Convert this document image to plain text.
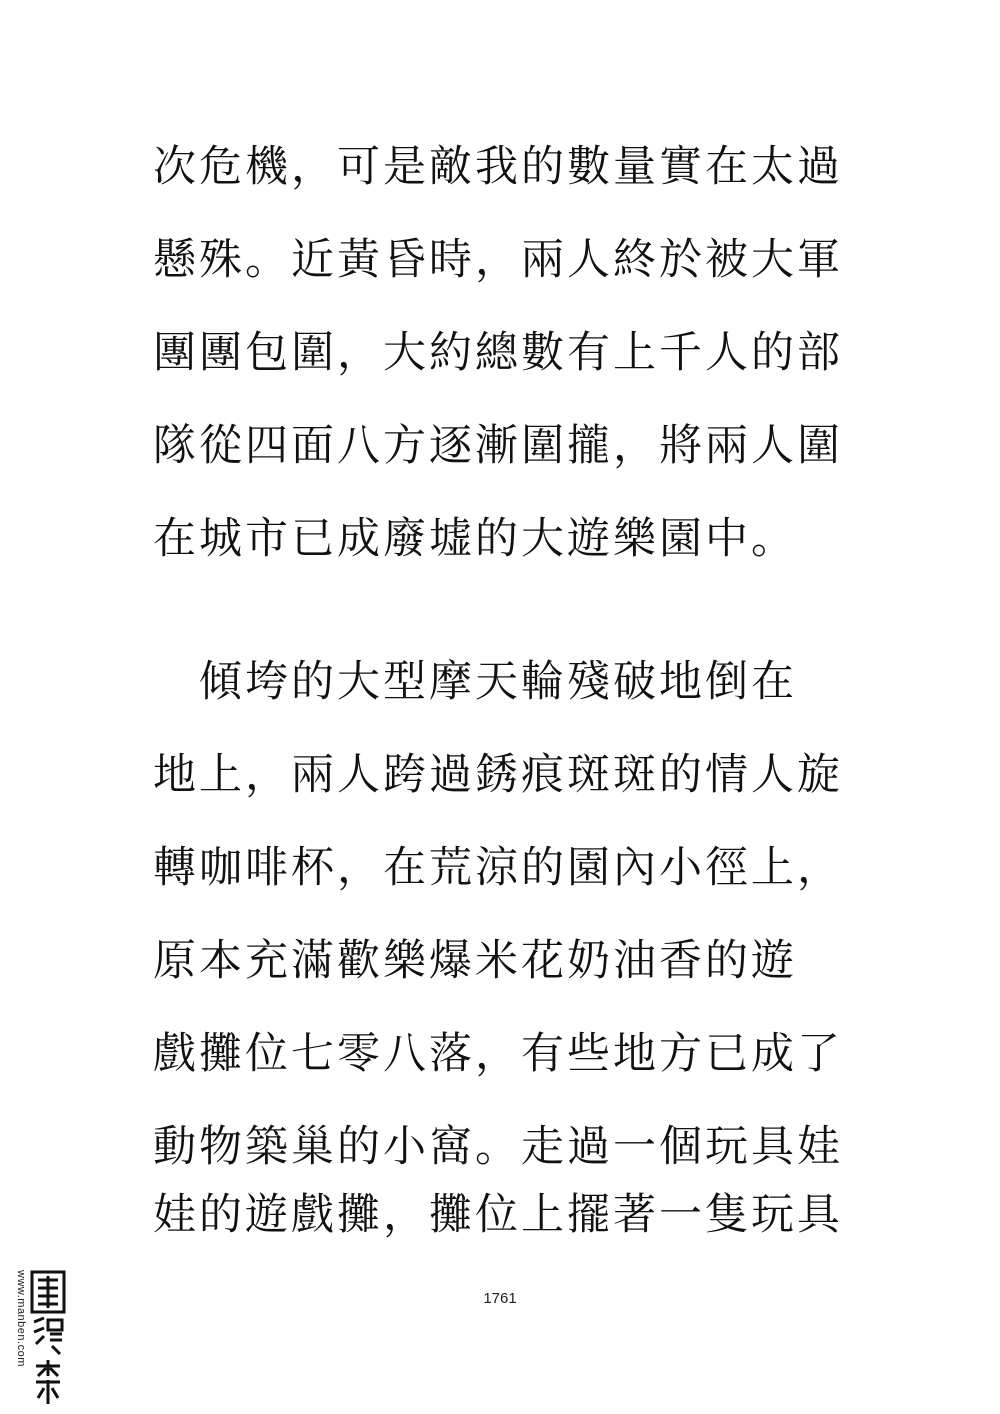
次危機，可是敵我的數量實在太過
懸殊。近黃昏時，兩人終於被大軍
團團包圍，大約總數有上千人的部
隊從四面八方逐漸圍攏，將兩人圍
在城市已成廢墟的大遊樂園中。
　傾垮的大型摩天輪殘破地倒在
地上，兩人跨過銹痕斑斑的情人旋
轉咖啡杯，在荒涼的園內小徑上，
原本充滿歡樂爆米花奶油香的遊
戲攤位七零八落，有些地方已成了
動物築巢的小窩。走過一個玩具娃
娃的遊戲攤，攤位上擺著一隻玩具
1761
www.manben.com
